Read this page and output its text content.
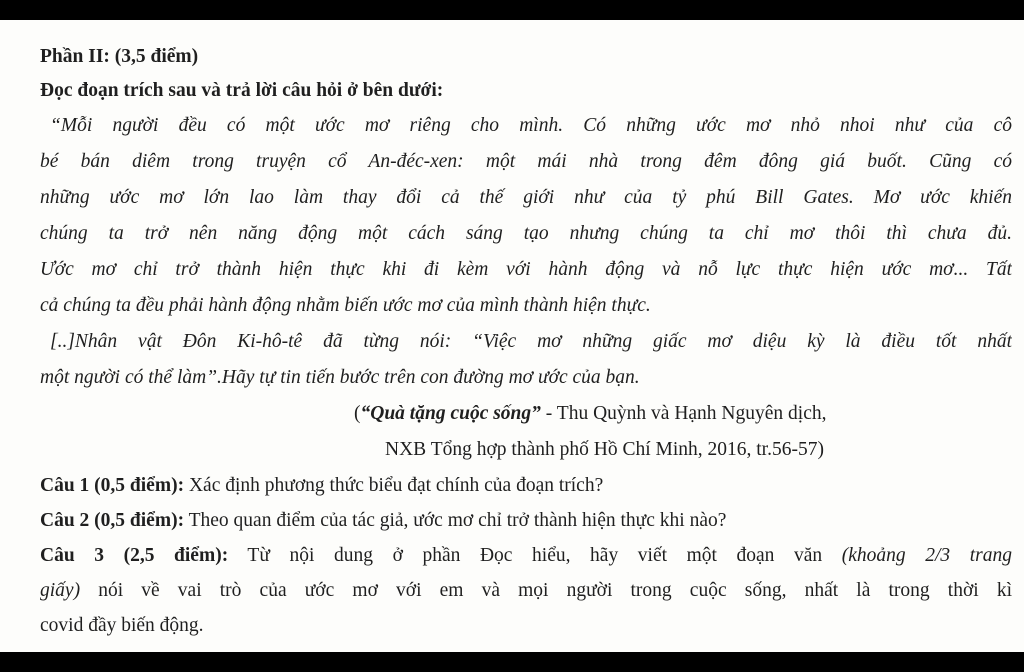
Phần II: (3,5 điểm)
Đọc đoạn trích sau và trả lời câu hỏi ở bên dưới:
“Mỗi người đều có một ước mơ riêng cho mình. Có những ước mơ nhỏ nhoi như của cô
bé bán diêm trong truyện cổ An-đéc-xen: một mái nhà trong đêm đông giá buốt. Cũng có
những ước mơ lớn lao làm thay đổi cả thế giới như của tỷ phú Bill Gates. Mơ ước khiến
chúng ta trở nên năng động một cách sáng tạo nhưng chúng ta chỉ mơ thôi thì chưa đủ.
Ước mơ chỉ trở thành hiện thực khi đi kèm với hành động và nỗ lực thực hiện ước mơ... Tất
cả chúng ta đều phải hành động nhằm biến ước mơ của mình thành hiện thực.
[..]Nhân vật Đôn Ki-hô-tê đã từng nói: “Việc mơ những giấc mơ diệu kỳ là điều tốt nhất
một người có thể làm”.Hãy tự tin tiến bước trên con đường mơ ước của bạn.
(“Quà tặng cuộc sống” - Thu Quỳnh và Hạnh Nguyên dịch,
NXB Tổng hợp thành phố Hồ Chí Minh, 2016, tr.56-57)
Câu 1 (0,5 điểm): Xác định phương thức biểu đạt chính của đoạn trích?
Câu 2 (0,5 điểm): Theo quan điểm của tác giả, ước mơ chỉ trở thành hiện thực khi nào?
Câu 3 (2,5 điểm): Từ nội dung ở phần Đọc hiểu, hãy viết một đoạn văn (khoảng 2/3 trang
giấy) nói về vai trò của ước mơ với em và mọi người trong cuộc sống, nhất là trong thời kì
covid đầy biến động.
